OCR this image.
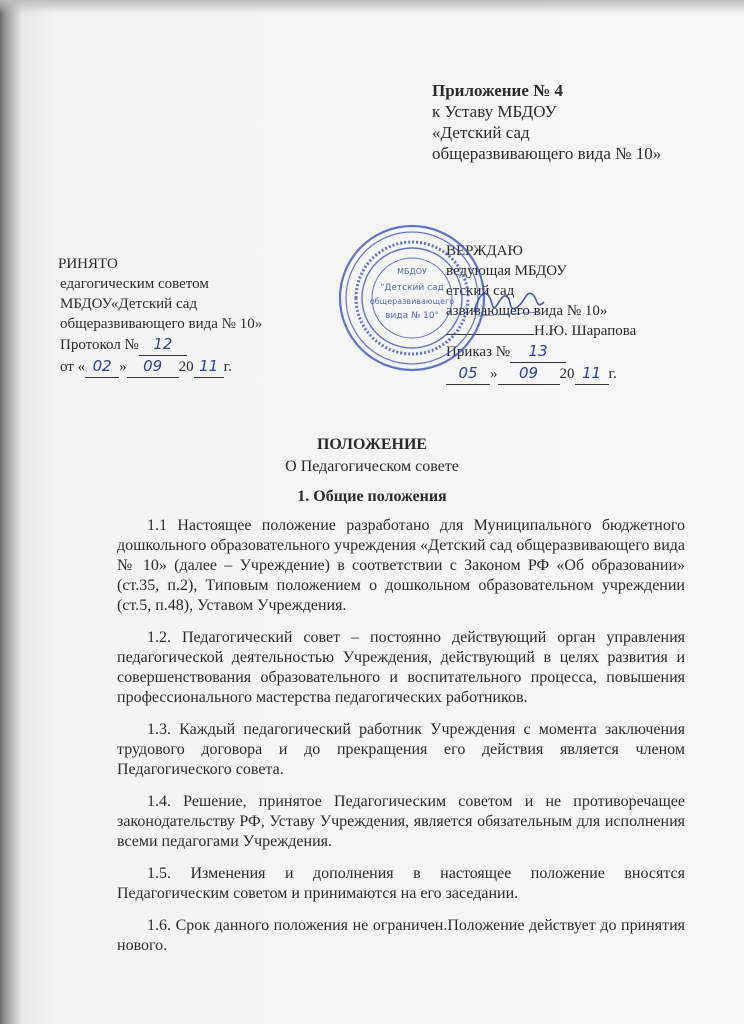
Приложение № 4
к Уставу МБДОУ
«Детский сад
общеразвивающего вида № 10»
РИНЯТО
едагогическим советом
МБДОУ«Детский сад
общеразвивающего вида № 10»
Протокол № 12
от « 02 » 09 20 11 г.
ВЕРЖДАЮ
ведующая МБДОУ
етский сад
азвивающего вида № 10»
Н.Ю. Шарапова
Приказ № 13
05 » 09 20 11 г.
МБДОУ
"Детский сад
общеразвивающего
вида № 10"
ПОЛОЖЕНИЕ
О Педагогическом совете
1. Общие положения

1.1 Настоящее положение разработано для Муниципального бюджетного дошкольного образовательного учреждения «Детский сад общеразвивающего вида № 10» (далее – Учреждение) в соответствии с Законом РФ «Об образовании» (ст.35, п.2), Типовым положением о дошкольном образовательном учреждении (ст.5, п.48), Уставом Учреждения.

1.2. Педагогический совет – постоянно действующий орган управления педагогической деятельностью Учреждения, действующий в целях развития и совершенствования образовательного и воспитательного процесса, повышения профессионального мастерства педагогических работников.

1.3. Каждый педагогический работник Учреждения с момента заключения трудового договора и до прекращения его действия является членом Педагогического совета.

1.4. Решение, принятое Педагогическим советом и не противоречащее законодательству РФ, Уставу Учреждения, является обязательным для исполнения всеми педагогами Учреждения.

1.5. Изменения и дополнения в настоящее положение вносятся Педагогическим советом и принимаются на его заседании.

1.6. Срок данного положения не ограничен.Положение действует до принятия нового.
